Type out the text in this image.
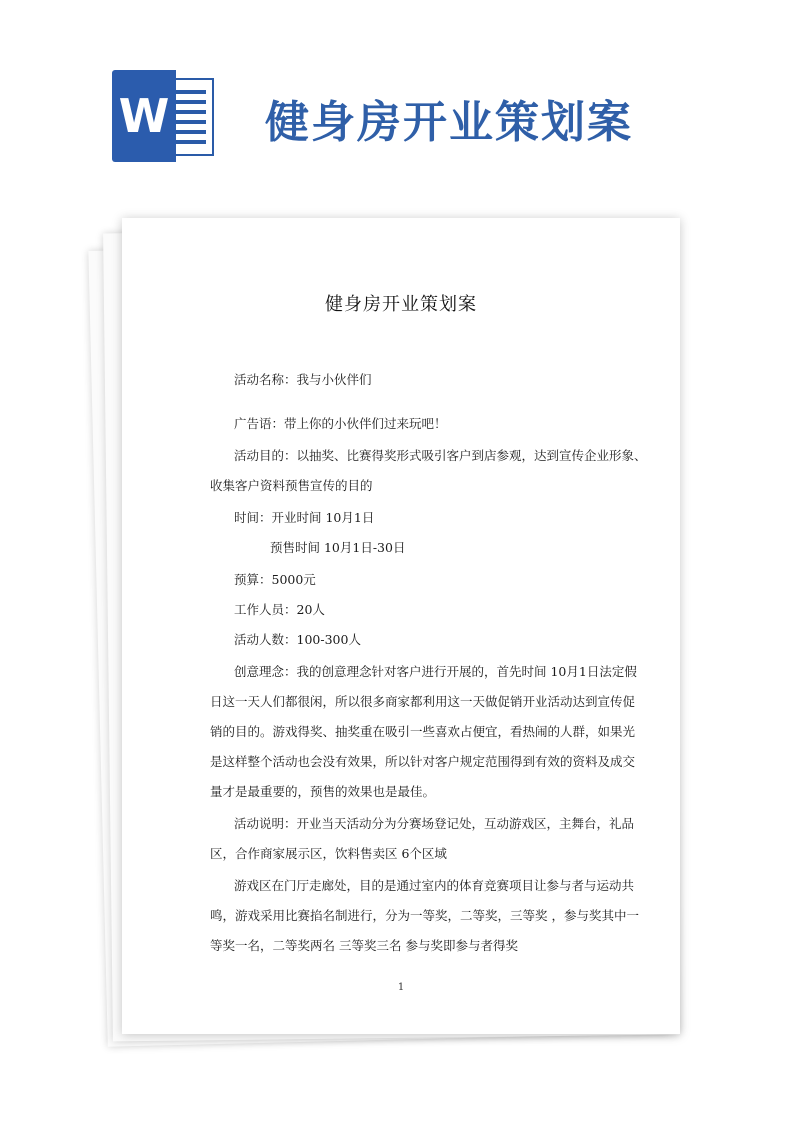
W 健身房开业策划案
健身房开业策划案
活动名称：我与小伙伴们
广告语：带上你的小伙伴们过来玩吧！
活动目的：以抽奖、比赛得奖形式吸引客户到店参观，达到宣传企业形象、
收集客户资料预售宣传的目的
时间：开业时间 10月1日
预售时间 10月1日-30日
预算：5000元
工作人员：20人
活动人数：100-300人
创意理念：我的创意理念针对客户进行开展的，首先时间 10月1日法定假
日这一天人们都很闲，所以很多商家都利用这一天做促销开业活动达到宣传促
销的目的。游戏得奖、抽奖重在吸引一些喜欢占便宜，看热闹的人群，如果光
是这样整个活动也会没有效果，所以针对客户规定范围得到有效的资料及成交
量才是最重要的，预售的效果也是最佳。
活动说明：开业当天活动分为分赛场登记处，互动游戏区，主舞台，礼品
区，合作商家展示区，饮料售卖区 6个区域
游戏区在门厅走廊处，目的是通过室内的体育竞赛项目让参与者与运动共
鸣，游戏采用比赛掐名制进行，分为一等奖，二等奖，三等奖 ，参与奖其中一
等奖一名，二等奖两名 三等奖三名 参与奖即参与者得奖
1
